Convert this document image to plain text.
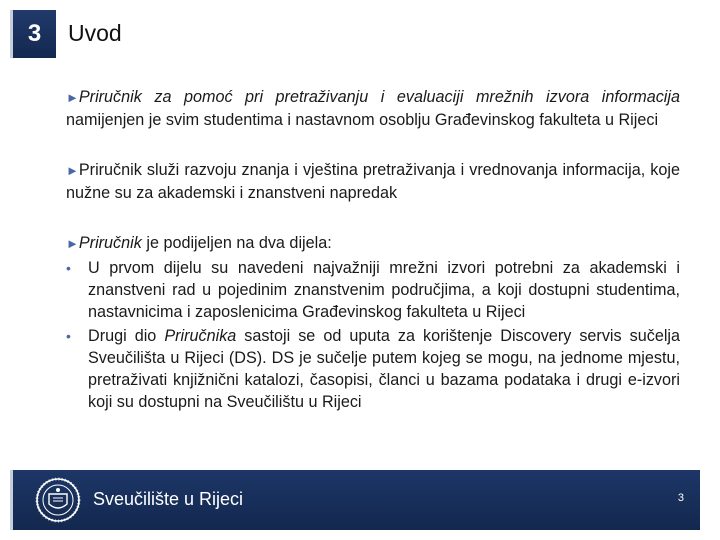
3 Uvod

►Priručnik za pomoć pri pretraživanju i evaluaciji mrežnih izvora informacija namijenjen je svim studentima i nastavnom osoblju Građevinskog fakulteta u Rijeci

►Priručnik služi razvoju znanja i vještina pretraživanja i vrednovanja informacija, koje nužne su za akademski i znanstveni napredak

►Priručnik je podijeljen na dva dijela:

• U prvom dijelu su navedeni najvažniji mrežni izvori potrebni za akademski i znanstveni rad u pojedinim znanstvenim područjima, a koji dostupni studentima, nastavnicima i zaposlenicima Građevinskog fakulteta u Rijeci
• Drugi dio Priručnika sastoji se od uputa za korištenje Discovery servis sučelja Sveučilišta u Rijeci (DS). DS je sučelje putem kojeg se mogu, na jednome mjestu, pretraživati knjižnični katalozi, časopisi, članci u bazama podataka i drugi e-izvori koji su dostupni na Sveučilištu u Rijeci
Sveučilište u Rijeci	3
